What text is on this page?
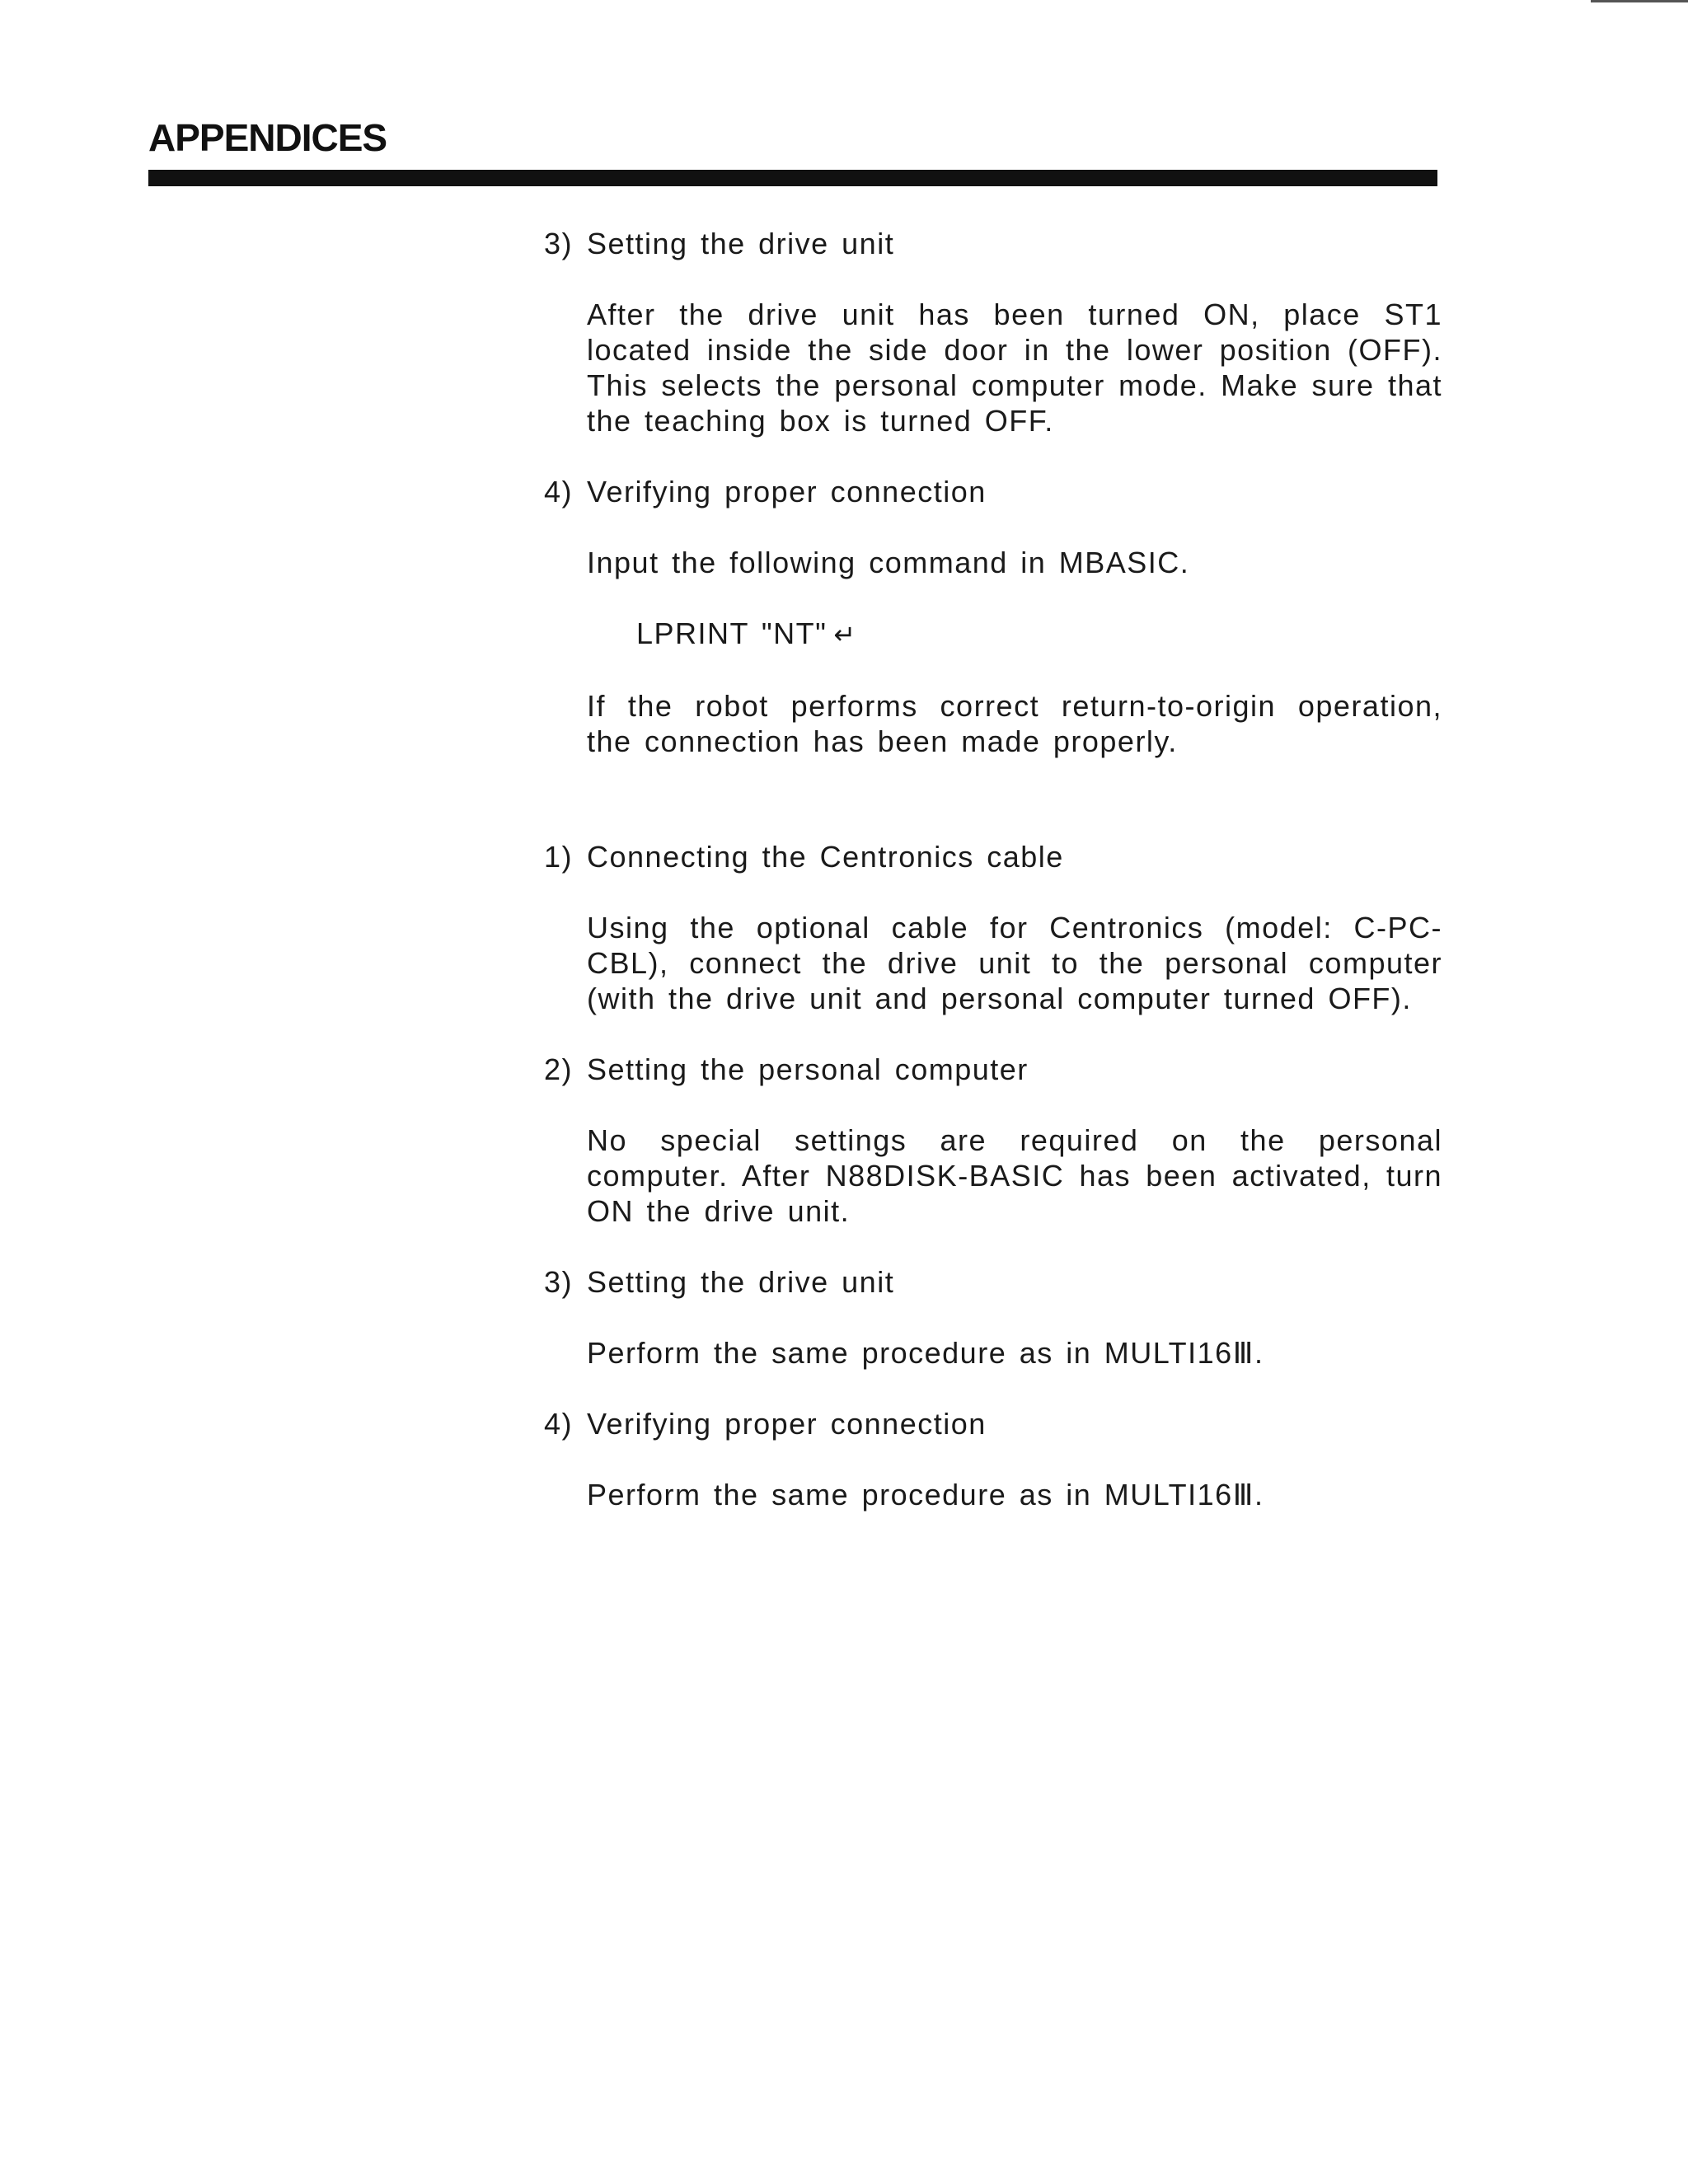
APPENDICES
3) Setting the drive unit

After the drive unit has been turned ON, place ST1 located inside the side door in the lower position (OFF). This selects the personal computer mode. Make sure that the teaching box is turned OFF.

4) Verifying proper connection

Input the following command in MBASIC.

LPRINT "NT" ↵

If the robot performs correct return-to-origin operation, the connection has been made properly.

1) Connecting the Centronics cable

Using the optional cable for Centronics (model: C-PC-CBL), connect the drive unit to the personal computer (with the drive unit and personal computer turned OFF).

2) Setting the personal computer

No special settings are required on the personal computer. After N88DISK-BASIC has been activated, turn ON the drive unit.

3) Setting the drive unit

Perform the same procedure as in MULTI16Ⅲ.

4) Verifying proper connection

Perform the same procedure as in MULTI16Ⅲ.
